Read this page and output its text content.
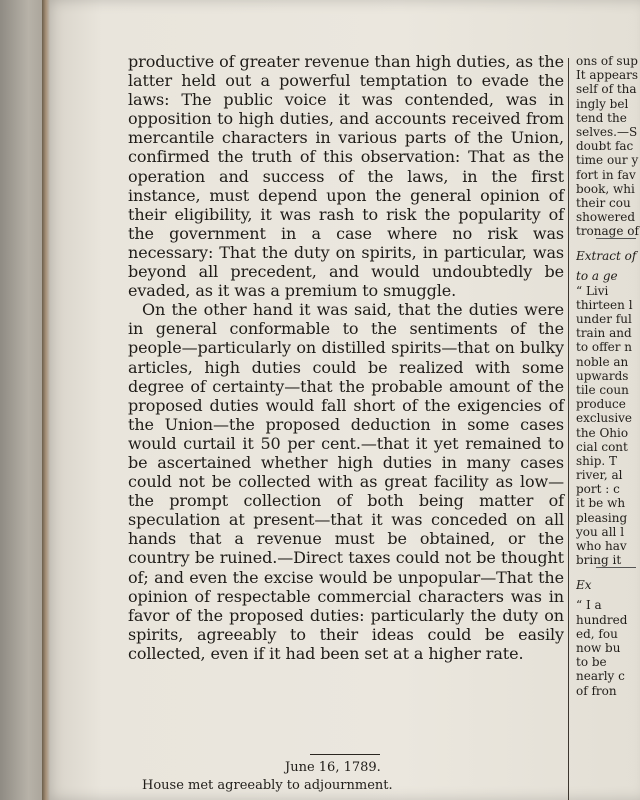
productive of greater revenue than high duties, as the latter held out a powerful temptation to evade the laws: The public voice it was contended, was in opposition to high duties, and accounts received from mercantile characters in various parts of the Union, confirmed the truth of this observation: That as the operation and success of the laws, in the first instance, must depend upon the general opinion of their eligibility, it was rash to risk the popularity of the government in a case where no risk was necessary: That the duty on spirits, in particular, was beyond all precedent, and would undoubtedly be evaded, as it was a premium to smuggle.

On the other hand it was said, that the duties were in general conformable to the sentiments of the people—particularly on distilled spirits—that on bulky articles, high duties could be realized with some degree of certainty—that the probable amount of the proposed duties would fall short of the exigencies of the Union—the proposed deduction in some cases would curtail it 50 per cent.—that it yet remained to be ascertained whether high duties in many cases could not be collected with as great facility as low—the prompt collection of both being matter of speculation at present—that it was conceded on all hands that a revenue must be obtained, or the country be ruined.—Direct taxes could not be thought of; and even the excise would be unpopular—That the opinion of respectable commercial characters was in favor of the proposed duties: particularly the duty on spirits, agreeably to their ideas could be easily collected, even if it had been set at a higher rate.

June 16, 1789.
House met agreeably to adjournment.
ons of sup
It appears
self of tha
ingly bel
tend the
selves.—S
doubt fac
time our y
fort in fav
book, whi
their cou
showered
tronage of
Extract of
to a ge
“ Livi
thirteen l
under ful
train and
to offer n
noble an
upwards
tile coun
produce
exclusive
the Ohio
cial cont
ship. T
river, al
port : c
it be wh
pleasing
you all l
who hav
bring it
Ex
“ I a
hundred
ed, fou
now bu
to be
nearly c
of fron
